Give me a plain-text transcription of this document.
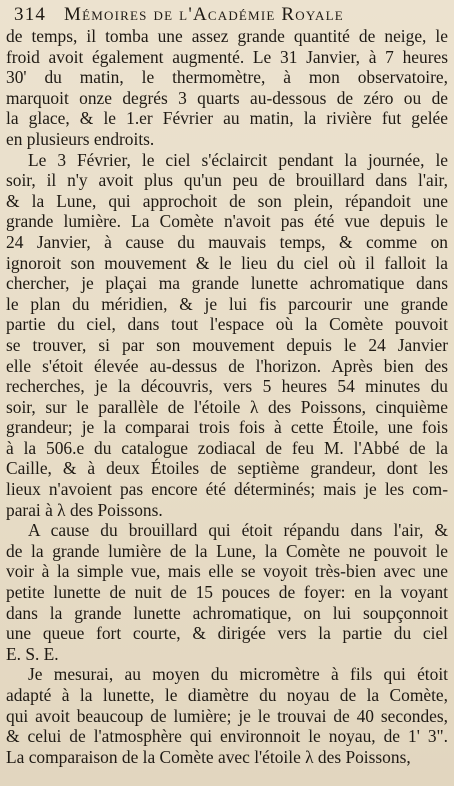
314 Mémoires de l'Académie Royale
de temps, il tomba une assez grande quantité de neige, le
froid avoit également augmenté. Le 31 Janvier, à 7 heures
30' du matin, le thermomètre, à mon observatoire,
marquoit onze degrés 3 quarts au-dessous de zéro ou de
la glace, & le 1.er Février au matin, la rivière fut gelée
en plusieurs endroits.
Le 3 Février, le ciel s'éclaircit pendant la journée, le
soir, il n'y avoit plus qu'un peu de brouillard dans l'air,
& la Lune, qui approchoit de son plein, répandoit une
grande lumière. La Comète n'avoit pas été vue depuis le
24 Janvier, à cause du mauvais temps, & comme on
ignoroit son mouvement & le lieu du ciel où il falloit la
chercher, je plaçai ma grande lunette achromatique dans
le plan du méridien, & je lui fis parcourir une grande
partie du ciel, dans tout l'espace où la Comète pouvoit
se trouver, si par son mouvement depuis le 24 Janvier
elle s'étoit élevée au-dessus de l'horizon. Après bien des
recherches, je la découvris, vers 5 heures 54 minutes du
soir, sur le parallèle de l'étoile λ des Poissons, cinquième
grandeur; je la comparai trois fois à cette Étoile, une fois
à la 506.e du catalogue zodiacal de feu M. l'Abbé de la
Caille, & à deux Étoiles de septième grandeur, dont les
lieux n'avoient pas encore été déterminés; mais je les com-
parai à λ des Poissons.
A cause du brouillard qui étoit répandu dans l'air, &
de la grande lumière de la Lune, la Comète ne pouvoit le
voir à la simple vue, mais elle se voyoit très-bien avec une
petite lunette de nuit de 15 pouces de foyer: en la voyant
dans la grande lunette achromatique, on lui soupçonnoit
une queue fort courte, & dirigée vers la partie du ciel
E. S. E.
Je mesurai, au moyen du micromètre à fils qui étoit
adapté à la lunette, le diamètre du noyau de la Comète,
qui avoit beaucoup de lumière; je le trouvai de 40 secondes,
& celui de l'atmosphère qui environnoit le noyau, de 1' 3".
La comparaison de la Comète avec l'étoile λ des Poissons,
